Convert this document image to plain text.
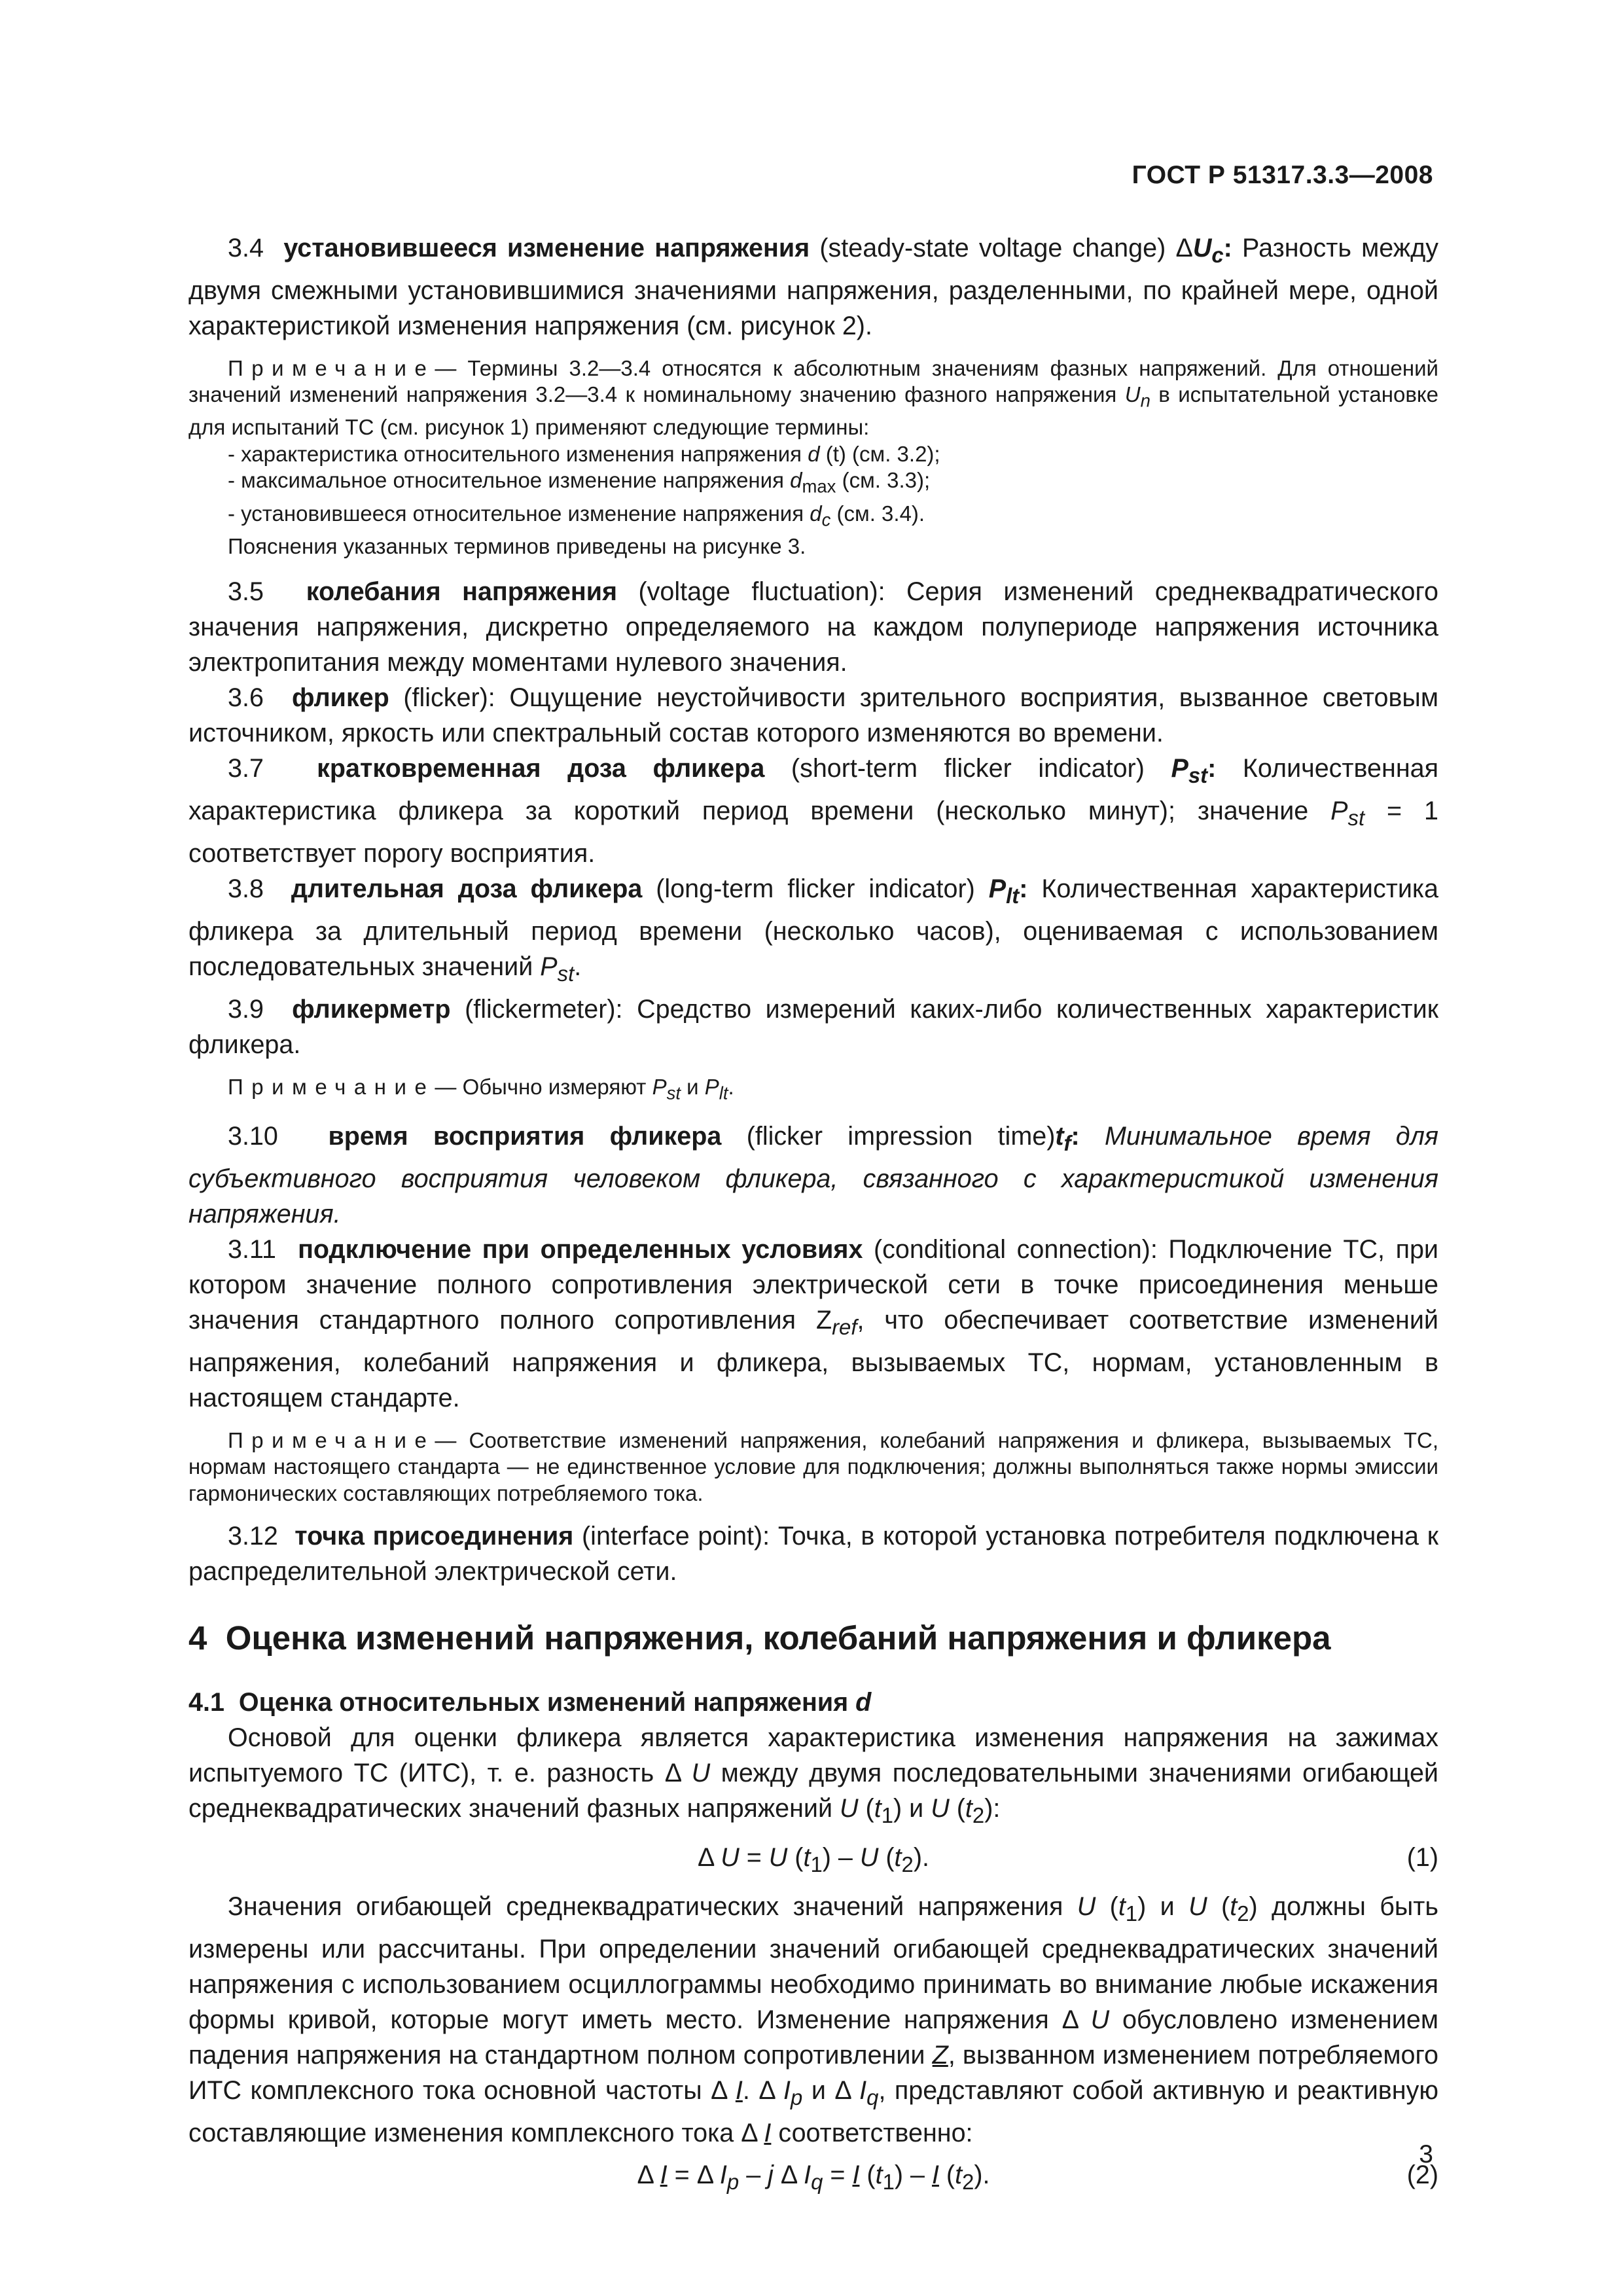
ГОСТ Р 51317.3.3—2008

3.4 установившееся изменение напряжения (steady-state voltage change) $\Delta U_c$: Разность между двумя смежными установившимися значениями напряжения, разделенными, по крайней мере, одной характеристикой изменения напряжения (см. рисунок 2).

Примечание— Термины 3.2—3.4 относятся к абсолютным значениям фазных напряжений. Для отношений значений изменений напряжения 3.2—3.4 к номинальному значению фазного напряжения $U_n$ в испытательной установке для испытаний ТС (см. рисунок 1) применяют следующие термины:

- характеристика относительного изменения напряжения d (t) (см. 3.2);
- максимальное относительное изменение напряжения $d_{max}$ (см. 3.3);
- установившееся относительное изменение напряжения $d_c$ (см. 3.4).

Пояснения указанных терминов приведены на рисунке 3.

3.5 колебания напряжения (voltage fluctuation): Серия изменений среднеквадратического значения напряжения, дискретно определяемого на каждом полупериоде напряжения источника электропитания между моментами нулевого значения.

3.6 фликер (flicker): Ощущение неустойчивости зрительного восприятия, вызванное световым источником, яркость или спектральный состав которого изменяются во времени.

3.7 кратковременная доза фликера (short-term flicker indicator) $P_{st}$: Количественная характеристика фликера за короткий период времени (несколько минут); значение $P_{st} = 1$ соответствует порогу восприятия.

3.8 длительная доза фликера (long-term flicker indicator) $P_{lt}$: Количественная характеристика фликера за длительный период времени (несколько часов), оцениваемая с использованием последовательных значений $P_{st}$.

3.9 фликерметр (flickermeter): Средство измерений каких-либо количественных характеристик фликера.

Примечание— Обычно измеряют $P_{st}$ и $P_{lt}$.

3.10 время восприятия фликера (flicker impression $time)t_f$: Минимальное время для субъективного восприятия человеком фликера, связанного с характеристикой изменения напряжения.

3.11 подключение при определенных условиях (conditional connection): Подключение ТС, при котором значение полного сопротивления электрической сети в точке присоединения меньше значения стандартного полного сопротивления $Z_{ref}$, что обеспечивает соответствие изменений напряжения, колебаний напряжения и фликера, вызываемых ТС, нормам, установленным в настоящем стандарте.

Примечание— Соответствие изменений напряжения, колебаний напряжения и фликера, вызываемых ТС, нормам настоящего стандарта — не единственное условие для подключения; должны выполняться также нормы эмиссии гармонических составляющих потребляемого тока.

3.12 точка присоединения (interface point): Точка, в которой установка потребителя подключена к распределительной электрической сети.

4 Оценка изменений напряжения, колебаний напряжения и фликера
4.1 Оценка относительных изменений напряжения d

Основой для оценки фликера является характеристика изменения напряжения на зажимах испытуемого ТС (ИТС), т. е. разность Δ U между двумя последовательными значениями огибающей среднеквадратических значений фазных напряжений U $(t_1)$ и U $(t_2)$:

Δ U = U $(t_1)$ – U $(t_2)$.	(1)

Значения огибающей среднеквадратических значений напряжения U $(t_1)$ и U $(t_2)$ должны быть измерены или рассчитаны. При определении значений огибающей среднеквадратических значений напряжения с использованием осциллограммы необходимо принимать во внимание любые искажения формы кривой, которые могут иметь место. Изменение напряжения Δ U обусловлено изменением падения напряжения на стандартном полном сопротивлении Z, вызванном изменением потребляемого ИТС комплексного тока основной частоты Δ I. Δ $I_p$ и Δ $I_q$, представляют собой активную и реактивную составляющие изменения комплексного тока Δ I соответственно:

Δ I = Δ $I_p$ – j Δ $I_q = I$ $(t_1)$ – I $(t_2)$.	(2)
3
